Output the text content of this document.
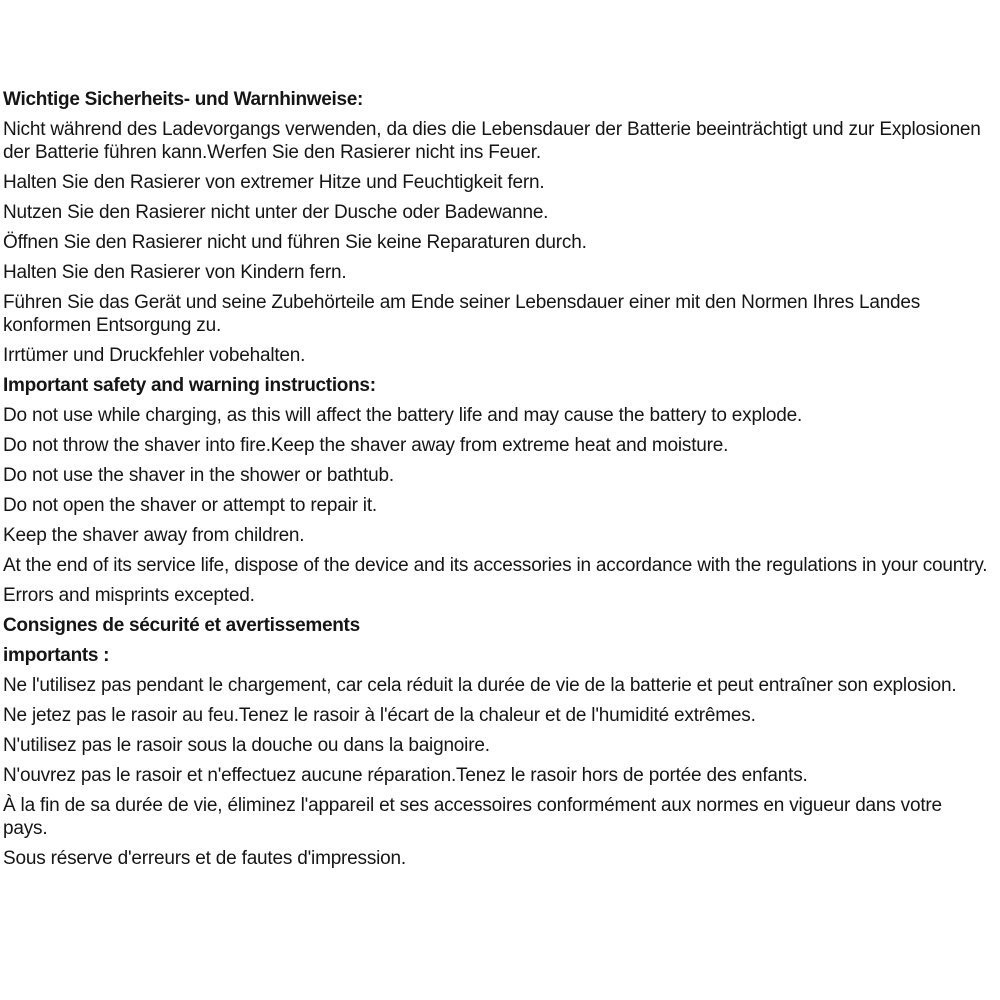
Wichtige Sicherheits- und Warnhinweise:

Nicht während des Ladevorgangs verwenden, da dies die Lebensdauer der Batterie beeinträchtigt und zur Explosionen der Batterie führen kann.Werfen Sie den Rasierer nicht ins Feuer.

Halten Sie den Rasierer von extremer Hitze und Feuchtigkeit fern.

Nutzen Sie den Rasierer nicht unter der Dusche oder Badewanne.

Öffnen Sie den Rasierer nicht und führen Sie keine Reparaturen durch.

Halten Sie den Rasierer von Kindern fern.

Führen Sie das Gerät und seine Zubehörteile am Ende seiner Lebensdauer einer mit den Normen Ihres Landes konformen Entsorgung zu.

Irrtümer und Druckfehler vobehalten.

Important safety and warning instructions:

Do not use while charging, as this will affect the battery life and may cause the battery to explode.

Do not throw the shaver into fire.Keep the shaver away from extreme heat and moisture.

Do not use the shaver in the shower or bathtub.

Do not open the shaver or attempt to repair it.

Keep the shaver away from children.

At the end of its service life, dispose of the device and its accessories in accordance with the regulations in your country.

Errors and misprints excepted.

Consignes de sécurité et avertissements
importants :

Ne l'utilisez pas pendant le chargement, car cela réduit la durée de vie de la batterie et peut entraîner son explosion.

Ne jetez pas le rasoir au feu.Tenez le rasoir à l'écart de la chaleur et de l'humidité extrêmes.

N'utilisez pas le rasoir sous la douche ou dans la baignoire.

N'ouvrez pas le rasoir et n'effectuez aucune réparation.Tenez le rasoir hors de portée des enfants.

À la fin de sa durée de vie, éliminez l'appareil et ses accessoires conformément aux normes en vigueur dans votre pays.

Sous réserve d'erreurs et de fautes d'impression.
